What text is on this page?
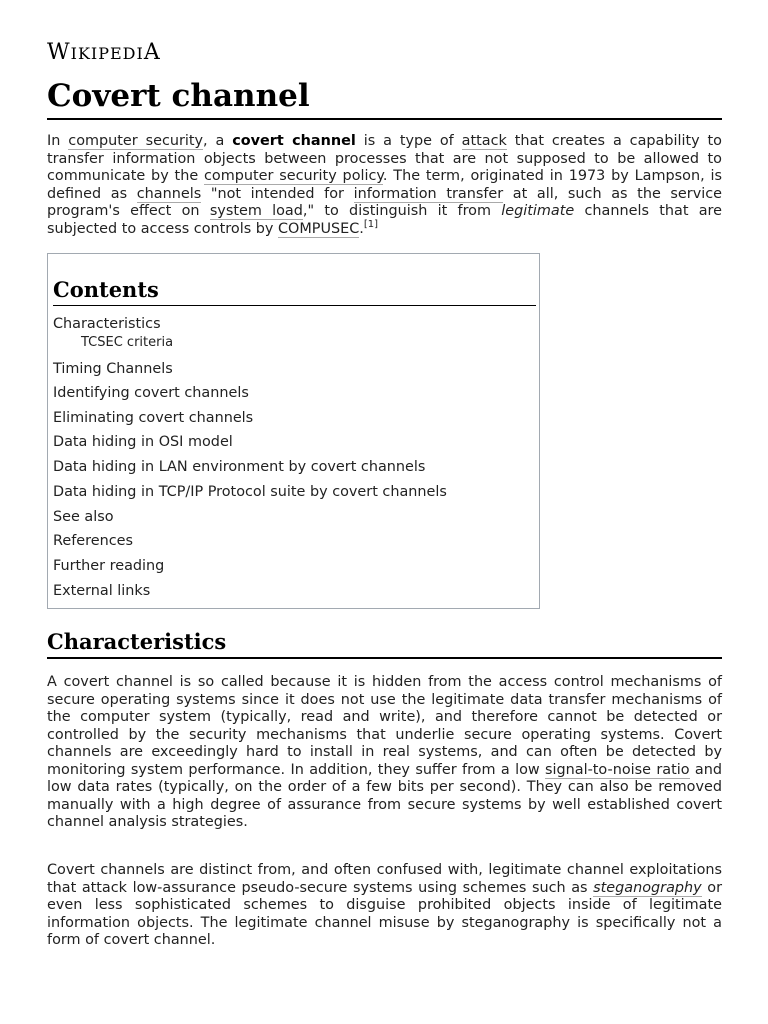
WIKIPEDIA
Covert channel

In computer security, a covert channel is a type of attack that creates a capability to transfer information objects between processes that are not supposed to be allowed to communicate by the computer security policy. The term, originated in 1973 by Lampson, is defined as channels "not intended for information transfer at all, such as the service program's effect on system load," to distinguish it from legitimate channels that are subjected to access controls by COMPUSEC.[1]

Contents
Characteristics
TCSEC criteria
Timing Channels
Identifying covert channels
Eliminating covert channels
Data hiding in OSI model
Data hiding in LAN environment by covert channels
Data hiding in TCP/IP Protocol suite by covert channels
See also
References
Further reading
External links
Characteristics

A covert channel is so called because it is hidden from the access control mechanisms of secure operating systems since it does not use the legitimate data transfer mechanisms of the computer system (typically, read and write), and therefore cannot be detected or controlled by the security mechanisms that underlie secure operating systems. Covert channels are exceedingly hard to install in real systems, and can often be detected by monitoring system performance. In addition, they suffer from a low signal-to-noise ratio and low data rates (typically, on the order of a few bits per second). They can also be removed manually with a high degree of assurance from secure systems by well established covert channel analysis strategies.

Covert channels are distinct from, and often confused with, legitimate channel exploitations that attack low-assurance pseudo-secure systems using schemes such as steganography or even less sophisticated schemes to disguise prohibited objects inside of legitimate information objects. The legitimate channel misuse by steganography is specifically not a form of covert channel.
